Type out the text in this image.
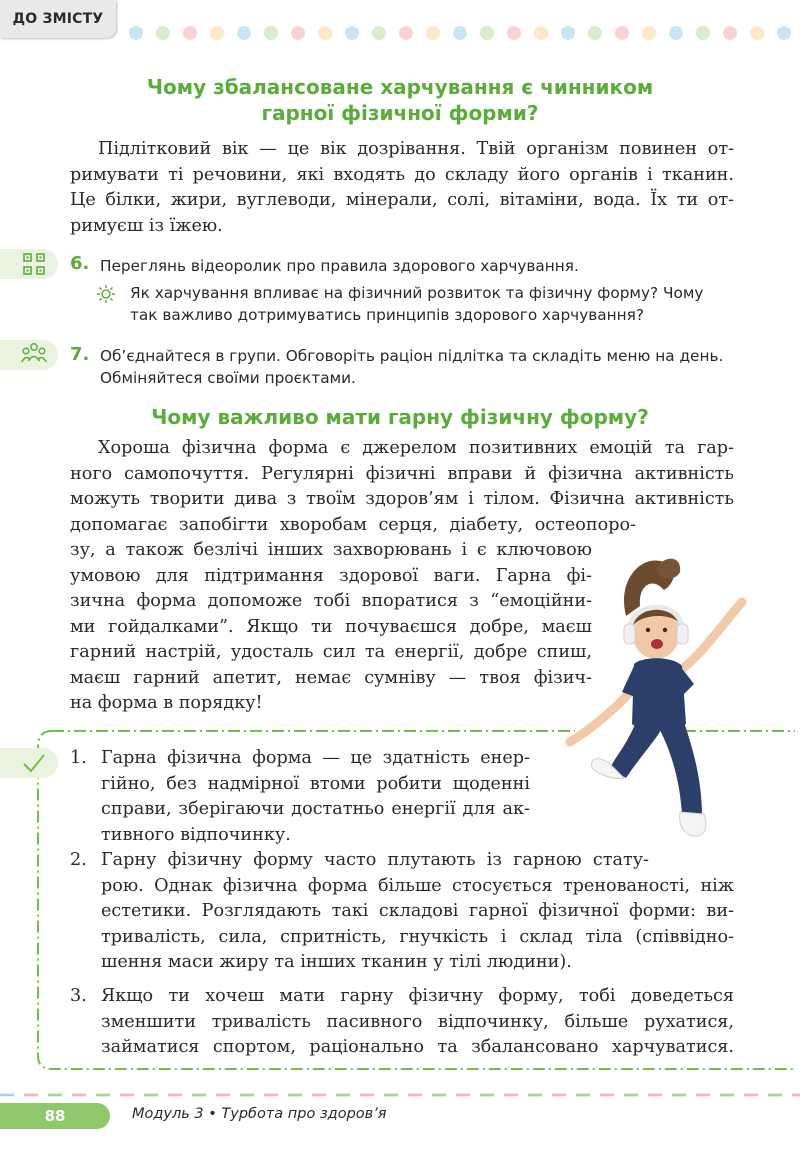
ДО ЗМІСТУ
Чому збалансоване харчування є чинником
гарної фізичної форми?
Підлітковий вік — це вік дозрівання. Твій організм повинен от-
римувати ті речовини, які входять до складу його органів і тканин.
Це білки, жири, вуглеводи, мінерали, солі, вітаміни, вода. Їх ти от-
римуєш із їжею.
6. Переглянь відеоролик про правила здорового харчування.
Як харчування впливає на фізичний розвиток та фізичну форму? Чому
так важливо дотримуватись принципів здорового харчування?
7. Об’єднайтеся в групи. Обговоріть раціон підлітка та складіть меню на день.
Обміняйтеся своїми проєктами.
Чому важливо мати гарну фізичну форму?
Хороша фізична форма є джерелом позитивних емоцій та гар-
ного самопочуття. Регулярні фізичні вправи й фізична активність
можуть творити дива з твоїм здоров’ям і тілом. Фізична активність
допомагає запобігти хворобам серця, діабету, остеопоро-
зу, а також безлічі інших захворювань і є ключовою
умовою для підтримання здорової ваги. Гарна фі-
зична форма допоможе тобі впоратися з “емоційни-
ми гойдалками”. Якщо ти почуваєшся добре, маєш
гарний настрій, удосталь сил та енергії, добре спиш,
маєш гарний апетит, немає сумніву — твоя фізич-
на форма в порядку!
1. Гарна фізична форма — це здатність енер-
гійно, без надмірної втоми робити щоденні
справи, зберігаючи достатньо енергії для ак-
тивного відпочинку.
2. Гарну фізичну форму часто плутають із гарною стату-
рою. Однак фізична форма більше стосується тренованості, ніж
естетики. Розглядають такі складові гарної фізичної форми: ви-
тривалість, сила, спритність, гнучкість і склад тіла (співвідно-
шення маси жиру та інших тканин у тілі людини).
3. Якщо ти хочеш мати гарну фізичну форму, тобі доведеться
зменшити тривалість пасивного відпочинку, більше рухатися,
займатися спортом, раціонально та збалансовано харчуватися.
88	Модуль 3 • Турбота про здоров’я
